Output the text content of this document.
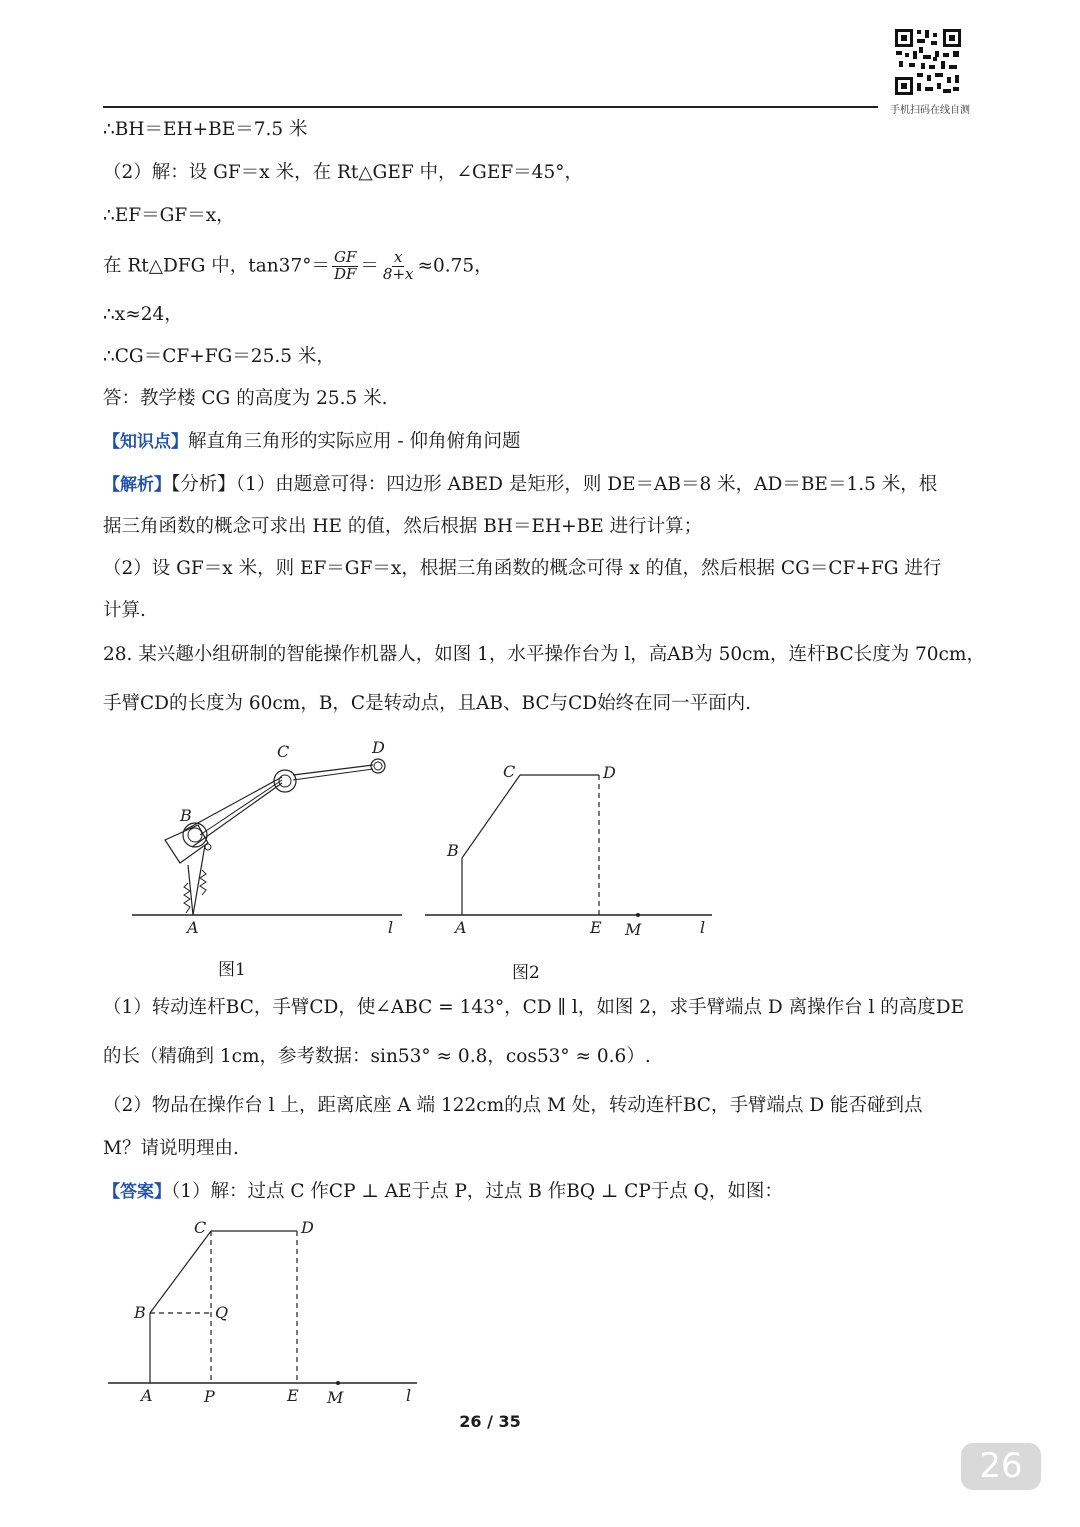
手机扫码在线自测
∴BH＝EH+BE＝7.5 米
（2）解：设 GF＝x 米，在 Rt△GEF 中，∠GEF＝45°，
∴EF＝GF＝x，
在 Rt△DFG 中，$\tan 37^\circ= \frac{GF}{DF} = \frac{x}{8+x} \approx 0.75$，
∴x≈24，
∴CG＝CF+FG＝25.5 米，
答：教学楼 CG 的高度为 25.5 米.
【知识点】解直角三角形的实际应用 - 仰角俯角问题
【解析】【分析】（1）由题意可得：四边形 ABED 是矩形，则 DE＝AB＝8 米，AD＝BE＝1.5 米，根
据三角函数的概念可求出 HE 的值，然后根据 BH＝EH+BE 进行计算；
（2）设 GF＝x 米，则 EF＝GF＝x，根据三角函数的概念可得 x 的值，然后根据 CG＝CF+FG 进行
计算.
28. 某兴趣小组研制的智能操作机器人，如图 1，水平操作台为 l，高AB为 50cm，连杆BC长度为 70cm，
手臂CD的长度为 60cm，B，C是转动点，且AB、BC与CD始终在同一平面内.
A
B
C	D
l
图1
A
B
C	D
E M	l
图2
（1）转动连杆BC，手臂CD，使∠ABC = 143°，CD ∥ l，如图 2，求手臂端点 D 离操作台 l 的高度DE
的长（精确到 1cm，参考数据：sin53° ≈ 0.8，cos53° ≈ 0.6）.
（2）物品在操作台 l 上，距离底座 A 端 122cm的点 M 处，转动连杆BC，手臂端点 D 能否碰到点
M？请说明理由.
【答案】（1）解：过点 C 作CP ⊥ AE于点 P，过点 B 作BQ ⊥ CP于点 Q，如图：
A
B
C	D
E M
P
Q
l
26 / 35
26
